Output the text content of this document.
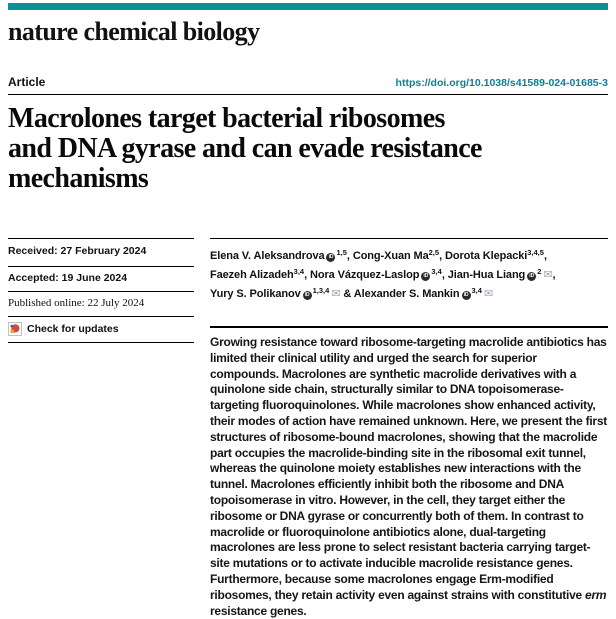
nature chemical biology
Article	https://doi.org/10.1038/s41589-024-01685-3
Macrolones target bacterial ribosomes
and DNA gyrase and can evade resistance
mechanisms
Received: 27 February 2024
Accepted: 19 June 2024
Published online: 22 July 2024
Check for updates
Elena V. Aleksandrova iD $^{1,5}$, Cong-Xuan Ma$^{2,5}$, Dorota Klepacki$^{3,4,5}$,
Faezeh Alizadeh$^{3,4}$, Nora Vázquez-Laslop iD $^{3,4}$, Jian-Hua Liang iD $^2$ ✉,
Yury S. Polikanov iD $^{1,3,4}$ ✉ & Alexander S. Mankin iD $^{3,4}$ ✉

Growing resistance toward ribosome-targeting macrolide antibiotics has limited their clinical utility and urged the search for superior compounds. Macrolones are synthetic macrolide derivatives with a quinolone side chain, structurally similar to DNA topoisomerase-targeting fluoroquinolones. While macrolones show enhanced activity, their modes of action have remained unknown. Here, we present the first structures of ribosome-bound macrolones, showing that the macrolide part occupies the macrolide-binding site in the ribosomal exit tunnel, whereas the quinolone moiety establishes new interactions with the tunnel. Macrolones efficiently inhibit both the ribosome and DNA topoisomerase in vitro. However, in the cell, they target either the ribosome or DNA gyrase or concurrently both of them. In contrast to macrolide or fluoroquinolone antibiotics alone, dual-targeting macrolones are less prone to select resistant bacteria carrying target-site mutations or to activate inducible macrolide resistance genes. Furthermore, because some macrolones engage Erm-modified ribosomes, they retain activity even against strains with constitutive erm resistance genes.
